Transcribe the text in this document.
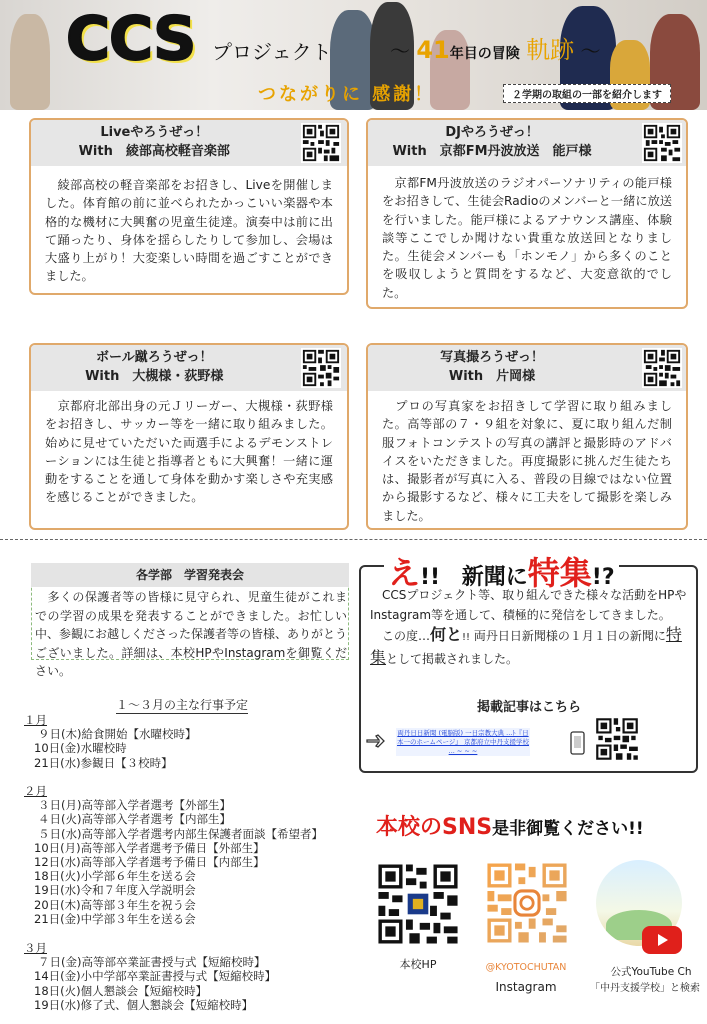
CCS プロジェクト	〜 41年目の冒険 軌跡 〜
つながりに 感謝！	２学期の取組の一部を紹介します
Liveやろうぜっ！
With　綾部高校軽音楽部
　綾部高校の軽音楽部をお招きし、Liveを開催しました。体育館の前に並べられたかっこいい楽器や本格的な機材に大興奮の児童生徒達。演奏中は前に出て踊ったり、身体を揺らしたりして参加し、会場は大盛り上がり！大変楽しい時間を過ごすことができました。
DJやろうぜっ！
With　京都FM丹波放送　能戸様
　京都FM丹波放送のラジオパーソナリティの能戸様をお招きして、生徒会Radioのメンバーと一緒に放送を行いました。能戸様によるアナウンス講座、体験談等ここでしか聞けない貴重な放送回となりました。生徒会メンバーも「ホンモノ」から多くのことを吸収しようと質問をするなど、大変意欲的でした。
ボール蹴ろうぜっ！
With　大槻様・荻野様
　京都府北部出身の元Ｊリーガー、大槻様・荻野様をお招きし、サッカー等を一緒に取り組みました。始めに見せていただいた両選手によるデモンストレーションには生徒と指導者ともに大興奮！一緒に運動をすることを通して身体を動かす楽しさや充実感を感じることができました。
写真撮ろうぜっ！
With　片岡様
　プロの写真家をお招きして学習に取り組みました。高等部の７・９組を対象に、夏に取り組んだ制服フォトコンテストの写真の講評と撮影時のアドバイスをいただきました。再度撮影に挑んだ生徒たちは、撮影者が写真に入る、普段の目線ではない位置から撮影するなど、様々に工夫をして撮影を楽しみました。
各学部　学習発表会
　多くの保護者等の皆様に見守られ、児童生徒がこれまでの学習の成果を発表することができました。お忙しい中、参観にお越しくださった保護者等の皆様、ありがとうございました。詳細は、本校HPやInstagramを御覧ください。
１～３月の主な行事予定
１月
９日(木)給食開始【水曜校時】
10日(金)水曜校時
21日(水)参観日【３校時】
２月
３日(月)高等部入学者選考【外部生】
４日(火)高等部入学者選考【内部生】
５日(水)高等部入学者選考内部生保護者面談【希望者】
10日(月)高等部入学者選考予備日【外部生】
12日(水)高等部入学者選考予備日【内部生】
18日(火)小学部６年生を送る会
19日(水)令和７年度入学説明会
20日(木)高等部３年生を祝う会
21日(金)中学部３年生を送る会
３月
７日(金)高等部卒業証書授与式【短縮校時】
14日(金)小中学部卒業証書授与式【短縮校時】
18日(火)個人懇談会【短縮校時】
19日(水)修了式、個人懇談会【短縮校時】
え!! 新聞に特集!?
　CCSプロジェクト等、取り組んできた様々な活動をHPやInstagram等を通して、積極的に発信をしてきました。
　この度…何と!! 両丹日日新聞様の１月１日の新聞に特集として掲載されました。
掲載記事はこちら
両丹日日新聞 (電脳版) 一日宗教大典 ...ﾄ『日本一のホームページ』 京都府立中丹支援学校 ... ~ ~ ~
本校のSNS是非御覧ください!!
本校HP	@KYOTOCHUTAN
Instagram
公式YouTube Ch
「中丹支援学校」と検索
